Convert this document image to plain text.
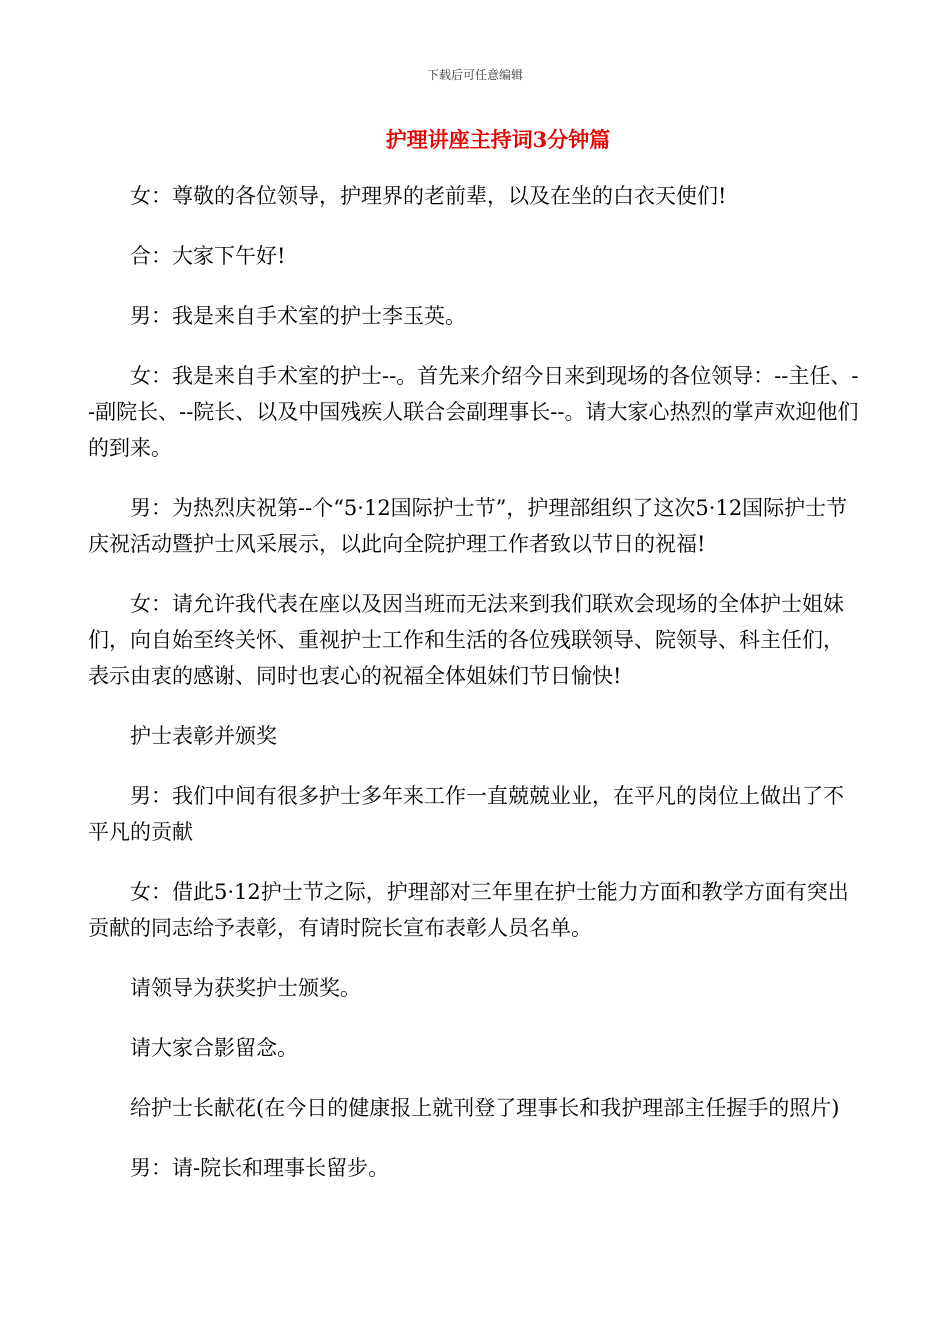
下载后可任意编辑
护理讲座主持词3分钟篇

女：尊敬的各位领导，护理界的老前辈，以及在坐的白衣天使们!

合：大家下午好!

男：我是来自手术室的护士李玉英。

女：我是来自手术室的护士--。首先来介绍今日来到现场的各位领导：--主任、--副院长、--院长、以及中国残疾人联合会副理事长--。请大家心热烈的掌声欢迎他们的到来。

男：为热烈庆祝第--个“5·12国际护士节”，护理部组织了这次5·12国际护士节庆祝活动暨护士风采展示，以此向全院护理工作者致以节日的祝福!

女：请允许我代表在座以及因当班而无法来到我们联欢会现场的全体护士姐妹们，向自始至终关怀、重视护士工作和生活的各位残联领导、院领导、科主任们，表示由衷的感谢、同时也衷心的祝福全体姐妹们节日愉快!

护士表彰并颁奖

男：我们中间有很多护士多年来工作一直兢兢业业，在平凡的岗位上做出了不平凡的贡献

女：借此5·12护士节之际，护理部对三年里在护士能力方面和教学方面有突出贡献的同志给予表彰，有请时院长宣布表彰人员名单。

请领导为获奖护士颁奖。

请大家合影留念。

给护士长献花(在今日的健康报上就刊登了理事长和我护理部主任握手的照片)

男：请-院长和理事长留步。
